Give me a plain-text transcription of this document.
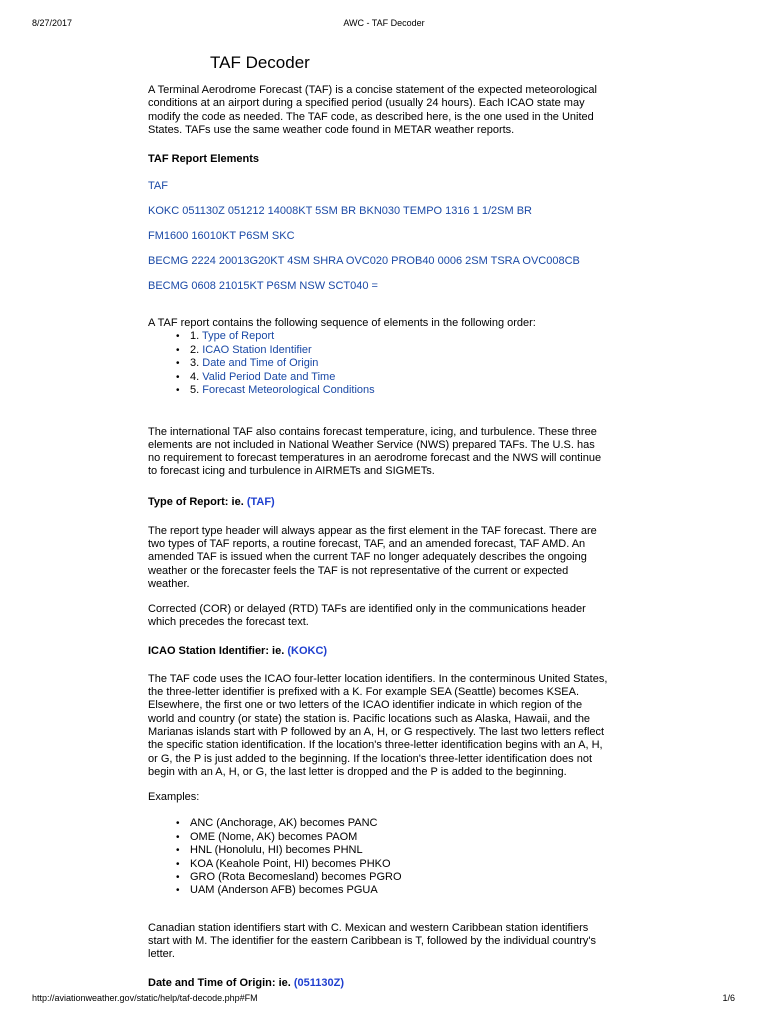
8/27/2017	AWC - TAF Decoder
TAF Decoder

A Terminal Aerodrome Forecast (TAF) is a concise statement of the expected meteorological conditions at an airport during a specified period (usually 24 hours). Each ICAO state may modify the code as needed. The TAF code, as described here, is the one used in the United States. TAFs use the same weather code found in METAR weather reports.

TAF Report Elements

TAF

KOKC 051130Z 051212 14008KT 5SM BR BKN030 TEMPO 1316 1 1/2SM BR

FM1600 16010KT P6SM SKC

BECMG 2224 20013G20KT 4SM SHRA OVC020 PROB40 0006 2SM TSRA OVC008CB

BECMG 0608 21015KT P6SM NSW SCT040 =

A TAF report contains the following sequence of elements in the following order:

• 1. Type of Report
• 2. ICAO Station Identifier
• 3. Date and Time of Origin
• 4. Valid Period Date and Time
• 5. Forecast Meteorological Conditions

The international TAF also contains forecast temperature, icing, and turbulence. These three elements are not included in National Weather Service (NWS) prepared TAFs. The U.S. has no requirement to forecast temperatures in an aerodrome forecast and the NWS will continue to forecast icing and turbulence in AIRMETs and SIGMETs.

Type of Report: ie. (TAF)

The report type header will always appear as the first element in the TAF forecast. There are two types of TAF reports, a routine forecast, TAF, and an amended forecast, TAF AMD. An amended TAF is issued when the current TAF no longer adequately describes the ongoing weather or the forecaster feels the TAF is not representative of the current or expected weather.

Corrected (COR) or delayed (RTD) TAFs are identified only in the communications header which precedes the forecast text.

ICAO Station Identifier: ie. (KOKC)

The TAF code uses the ICAO four-letter location identifiers. In the conterminous United States, the three-letter identifier is prefixed with a K. For example SEA (Seattle) becomes KSEA. Elsewhere, the first one or two letters of the ICAO identifier indicate in which region of the world and country (or state) the station is. Pacific locations such as Alaska, Hawaii, and the Marianas islands start with P followed by an A, H, or G respectively. The last two letters reflect the specific station identification. If the location's three-letter identification begins with an A, H, or G, the P is just added to the beginning. If the location's three-letter identification does not begin with an A, H, or G, the last letter is dropped and the P is added to the beginning.

Examples:

• ANC (Anchorage, AK) becomes PANC
• OME (Nome, AK) becomes PAOM
• HNL (Honolulu, HI) becomes PHNL
• KOA (Keahole Point, HI) becomes PHKO
• GRO (Rota Becomesland) becomes PGRO
• UAM (Anderson AFB) becomes PGUA

Canadian station identifiers start with C. Mexican and western Caribbean station identifiers start with M. The identifier for the eastern Caribbean is T, followed by the individual country's letter.

Date and Time of Origin: ie. (051130Z)

http://aviationweather.gov/static/help/taf-decode.php#FM	1/6
